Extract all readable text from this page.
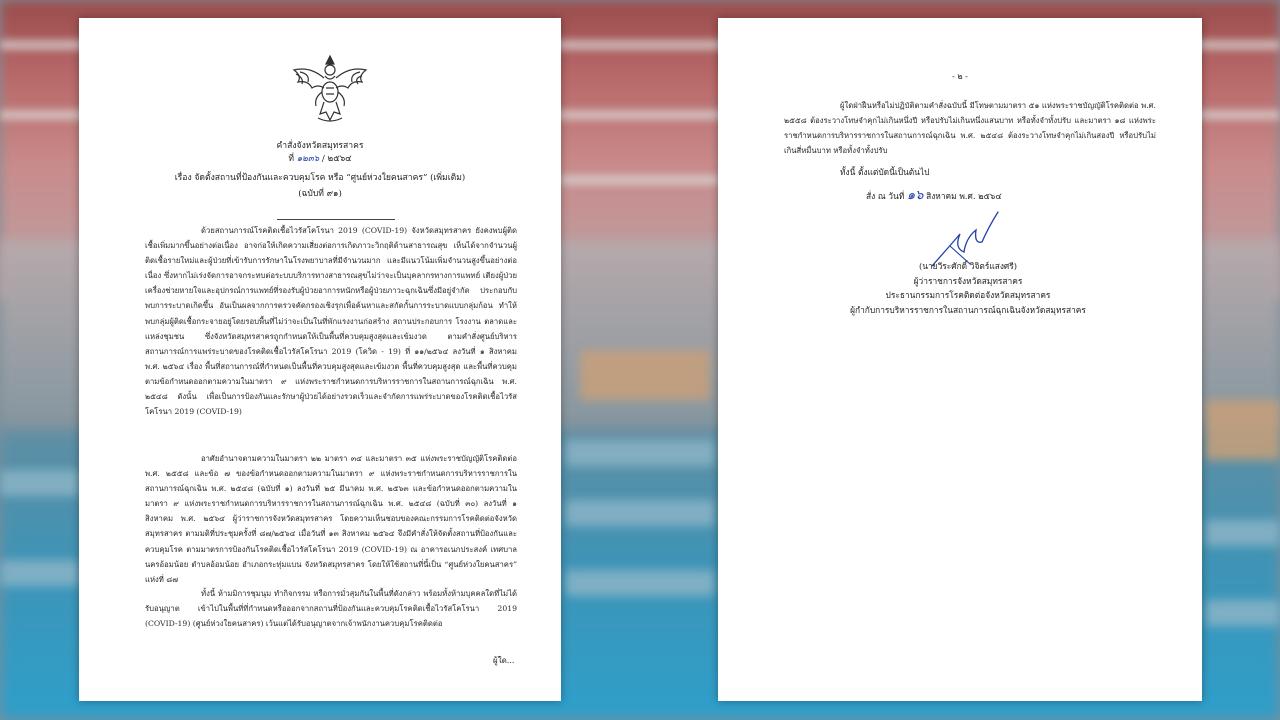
คำสั่งจังหวัดสมุทรสาคร
ที่ ๑๒๓๖ / ๒๕๖๔
เรื่อง จัดตั้งสถานที่ป้องกันและควบคุมโรค หรือ “ศูนย์ห่วงใยคนสาคร” (เพิ่มเติม)
(ฉบับที่ ๙๑)
ด้วยสถานการณ์โรคติดเชื้อไวรัสโคโรนา 2019 (COVID-19) จังหวัดสมุทรสาคร ยังคงพบผู้ติดเชื้อเพิ่มมากขึ้นอย่างต่อเนื่อง อาจก่อให้เกิดความเสี่ยงต่อการเกิดภาวะวิกฤติด้านสาธารณสุข เห็นได้จากจำนวนผู้ติดเชื้อรายใหม่และผู้ป่วยที่เข้ารับการรักษาในโรงพยาบาลที่มีจำนวนมาก และมีแนวโน้มเพิ่มจำนวนสูงขึ้นอย่างต่อเนื่อง ซึ่งหากไม่เร่งจัดการอาจกระทบต่อระบบบริการทางสาธารณสุขไม่ว่าจะเป็นบุคลากรทางการแพทย์ เตียงผู้ป่วย เครื่องช่วยหายใจและอุปกรณ์การแพทย์ที่รองรับผู้ป่วยอาการหนักหรือผู้ป่วยภาวะฉุกเฉินซึ่งมีอยู่จำกัด ประกอบกับพบการระบาดเกิดขึ้น อันเป็นผลจากการตรวจคัดกรองเชิงรุกเพื่อค้นหาและสกัดกั้นการระบาดแบบกลุ่มก้อน ทำให้พบกลุ่มผู้ติดเชื้อกระจายอยู่โดยรอบพื้นที่ไม่ว่าจะเป็นในที่พักแรงงานก่อสร้าง สถานประกอบการ โรงงาน ตลาดและแหล่งชุมชน ซึ่งจังหวัดสมุทรสาครถูกกำหนดให้เป็นพื้นที่ควบคุมสูงสุดและเข้มงวด ตามคำสั่งศูนย์บริหารสถานการณ์การแพร่ระบาดของโรคติดเชื้อไวรัสโคโรนา 2019 (โควิด - 19) ที่ ๑๑/๒๕๖๔ ลงวันที่ ๑ สิงหาคม พ.ศ. ๒๕๖๔ เรื่อง พื้นที่สถานการณ์ที่กำหนดเป็นพื้นที่ควบคุมสูงสุดและเข้มงวด พื้นที่ควบคุมสูงสุด และพื้นที่ควบคุมตามข้อกำหนดออกตามความในมาตรา ๙ แห่งพระราชกำหนดการบริหารราชการในสถานการณ์ฉุกเฉิน พ.ศ. ๒๕๔๘ ดังนั้น เพื่อเป็นการป้องกันและรักษาผู้ป่วยได้อย่างรวดเร็วและจำกัดการแพร่ระบาดของโรคติดเชื้อไวรัสโคโรนา 2019 (COVID-19)
อาศัยอำนาจตามความในมาตรา ๒๒ มาตรา ๓๔ และมาตรา ๓๕ แห่งพระราชบัญญัติโรคติดต่อ พ.ศ. ๒๕๕๘ และข้อ ๗ ของข้อกำหนดออกตามความในมาตรา ๙ แห่งพระราชกำหนดการบริหารราชการในสถานการณ์ฉุกเฉิน พ.ศ. ๒๕๔๘ (ฉบับที่ ๑) ลงวันที่ ๒๕ มีนาคม พ.ศ. ๒๕๖๓ และข้อกำหนดออกตามความในมาตรา ๙ แห่งพระราชกำหนดการบริหารราชการในสถานการณ์ฉุกเฉิน พ.ศ. ๒๕๔๘ (ฉบับที่ ๓๐) ลงวันที่ ๑ สิงหาคม พ.ศ. ๒๕๖๔ ผู้ว่าราชการจังหวัดสมุทรสาคร โดยความเห็นชอบของคณะกรรมการโรคติดต่อจังหวัดสมุทรสาคร ตามมติที่ประชุมครั้งที่ ๘๗/๒๕๖๔ เมื่อวันที่ ๑๓ สิงหาคม ๒๕๖๔ จึงมีคำสั่งให้จัดตั้งสถานที่ป้องกันและควบคุมโรค ตามมาตรการป้องกันโรคติดเชื้อไวรัสโคโรนา 2019 (COVID-19) ณ อาคารอเนกประสงค์ เทศบาลนครอ้อมน้อย ตำบลอ้อมน้อย อำเภอกระทุ่มแบน จังหวัดสมุทรสาคร โดยให้ใช้สถานที่นี้เป็น “ศูนย์ห่วงใยคนสาคร” แห่งที่ ๘๗
ทั้งนี้ ห้ามมิการชุมนุม ทำกิจกรรม หรือการมั่วสุมกันในพื้นที่ดังกล่าว พร้อมทั้งห้ามบุคคลใดที่ไม่ได้รับอนุญาต เข้าไปในพื้นที่ที่กำหนดหรือออกจากสถานที่ป้องกันและควบคุมโรคติดเชื้อไวรัสโคโรนา 2019 (COVID-19) (ศูนย์ห่วงใยคนสาคร) เว้นแต่ได้รับอนุญาตจากเจ้าพนักงานควบคุมโรคติดต่อ
ผู้ใด...
- ๒ -
ผู้ใดฝ่าฝืนหรือไม่ปฏิบัติตามคำสั่งฉบับนี้ มีโทษตามมาตรา ๕๑ แห่งพระราชบัญญัติโรคติดต่อ พ.ศ. ๒๕๕๘ ต้องระวางโทษจำคุกไม่เกินหนึ่งปี หรือปรับไม่เกินหนึ่งแสนบาท หรือทั้งจำทั้งปรับ และมาตรา ๑๘ แห่งพระราชกำหนดการบริหารราชการในสถานการณ์ฉุกเฉิน พ.ศ. ๒๕๔๘ ต้องระวางโทษจำคุกไม่เกินสองปี หรือปรับไม่เกินสี่หมื่นบาท หรือทั้งจำทั้งปรับ
ทั้งนี้ ตั้งแต่บัดนี้เป็นต้นไป
สั่ง ณ วันที่ ๑๖ สิงหาคม พ.ศ. ๒๕๖๔
(นายวีระศักดิ์ วิจิตร์แสงศรี)
ผู้ว่าราชการจังหวัดสมุทรสาคร
ประธานกรรมการโรคติดต่อจังหวัดสมุทรสาคร
ผู้กำกับการบริหารราชการในสถานการณ์ฉุกเฉินจังหวัดสมุทรสาคร
